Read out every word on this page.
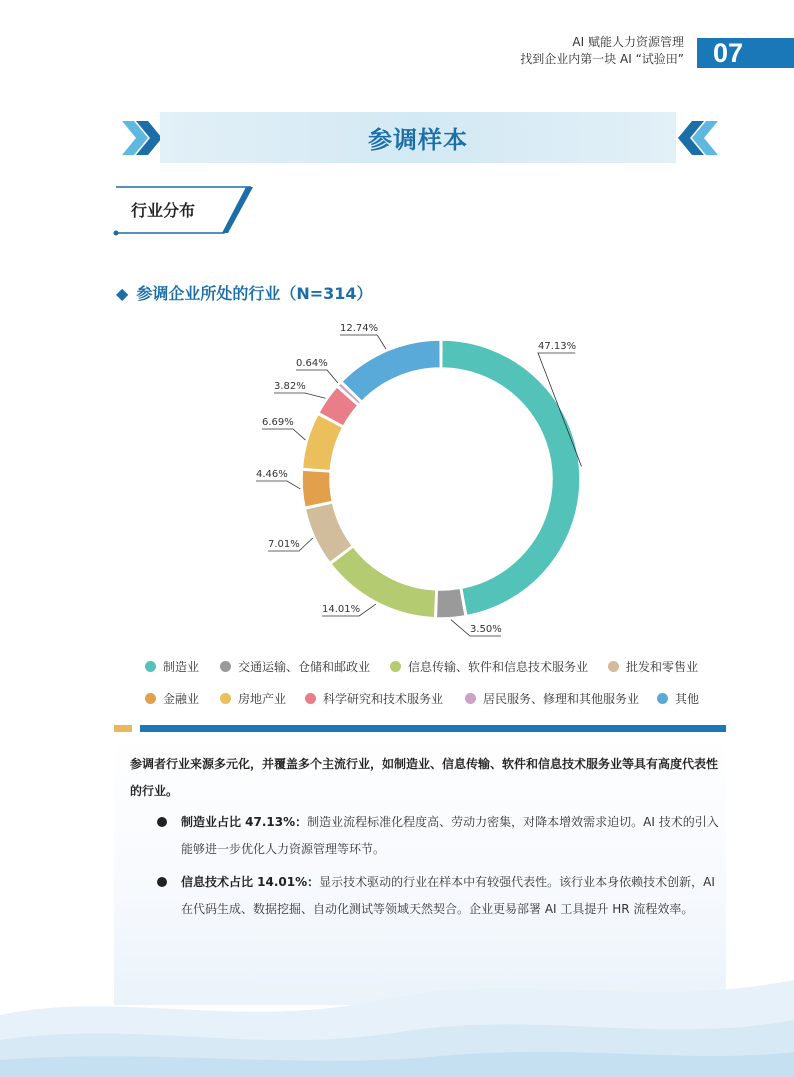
AI 赋能人力资源管理
找到企业内第一块 AI “试验田”	07
参调样本
行业分布
◆ 参调企业所处的行业（N=314）
47.13%
3.50%
14.01%
7.01%
4.46%
6.69%
3.82%
0.64%
12.74%
参调者行业来源多元化，并覆盖多个主流行业，如制造业、信息传输、软件和信息技术服务业等具有高度代表性的行业。
制造业占比 47.13%：制造业流程标准化程度高、劳动力密集，对降本增效需求迫切。AI 技术的引入能够进一步优化人力资源管理等环节。
信息技术占比 14.01%：显示技术驱动的行业在样本中有较强代表性。该行业本身依赖技术创新，AI 在代码生成、数据挖掘、自动化测试等领域天然契合。企业更易部署 AI 工具提升 HR 流程效率。
制造业	交通运输、仓储和邮政业	信息传输、软件和信息技术服务业	批发和零售业
金融业	房地产业	科学研究和技术服务业	居民服务、修理和其他服务业	其他
